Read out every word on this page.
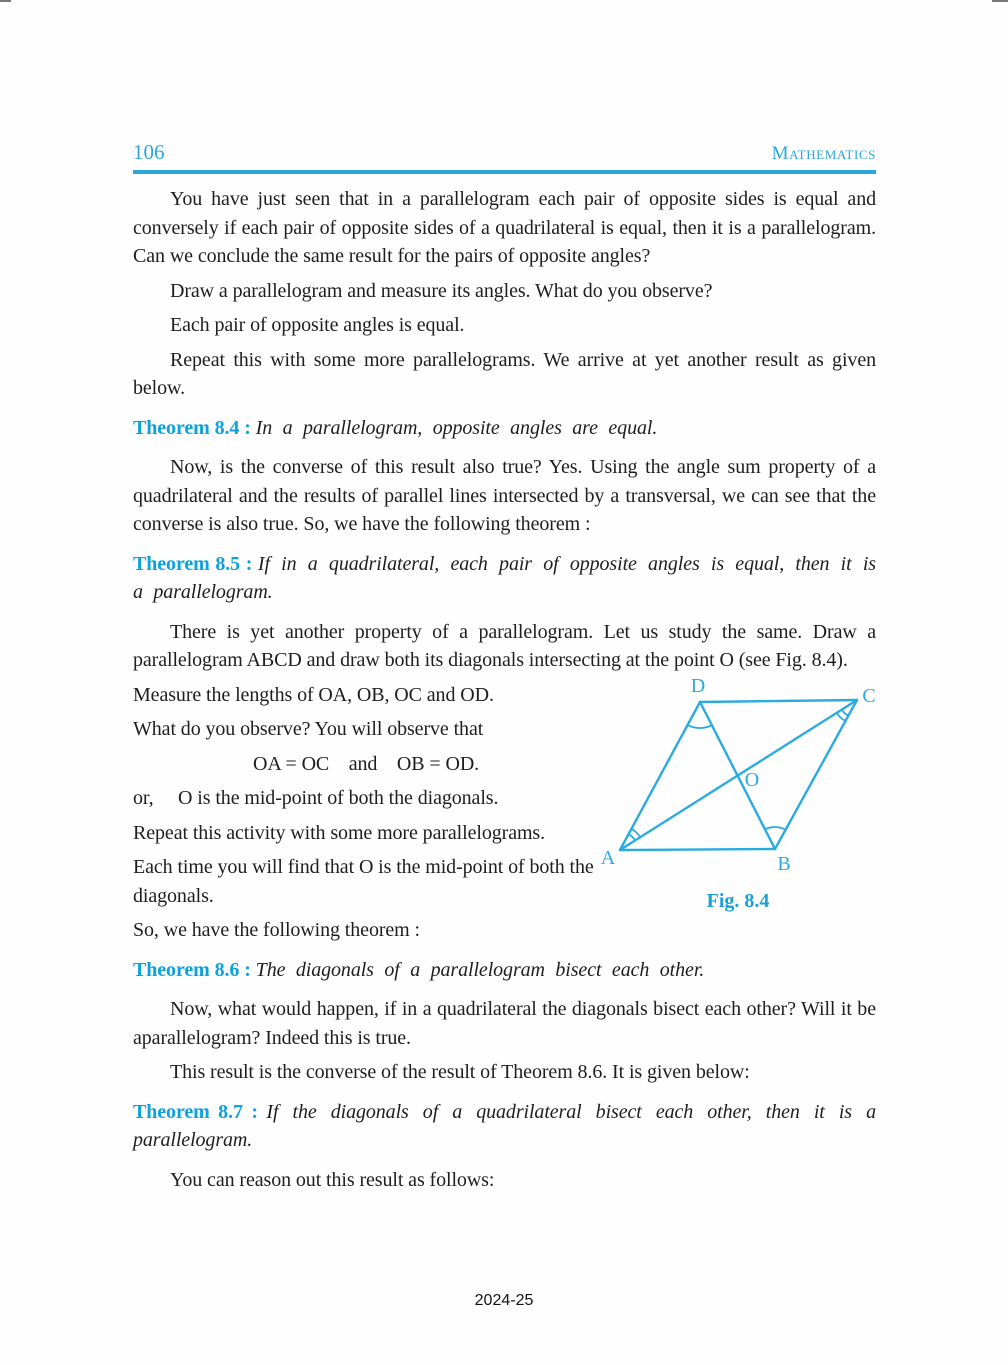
106	Mathematics

You have just seen that in a parallelogram each pair of opposite sides is equal and conversely if each pair of opposite sides of a quadrilateral is equal, then it is a parallelogram. Can we conclude the same result for the pairs of opposite angles?

Draw a parallelogram and measure its angles. What do you observe?

Each pair of opposite angles is equal.

Repeat this with some more parallelograms. We arrive at yet another result as given below.

Theorem 8.4 : In a parallelogram, opposite angles are equal.

Now, is the converse of this result also true? Yes. Using the angle sum property of a quadrilateral and the results of parallel lines intersected by a transversal, we can see that the converse is also true. So, we have the following theorem :

Theorem 8.5 : If in a quadrilateral, each pair of opposite angles is equal, then it is a parallelogram.

There is yet another property of a parallelogram. Let us study the same. Draw a parallelogram ABCD and draw both its diagonals intersecting at the point O (see Fig. 8.4).

Measure the lengths of OA, OB, OC and OD.

What do you observe? You will observe that

OA = OC    and    OB = OD.

or,     O is the mid-point of both the diagonals.

Repeat this activity with some more parallelograms.

Each time you will find that O is the mid-point of both the diagonals.

So, we have the following theorem :

Theorem 8.6 : The diagonals of a parallelogram bisect each other.

Now, what would happen, if in a quadrilateral the diagonals bisect each other? Will it be aparallelogram? Indeed this is true.

This result is the converse of the result of Theorem 8.6. It is given below:

Theorem 8.7 : If the diagonals of a quadrilateral bisect each other, then it is a parallelogram.

You can reason out this result as follows:

D	C
A	B
O
Fig. 8.4
2024-25
